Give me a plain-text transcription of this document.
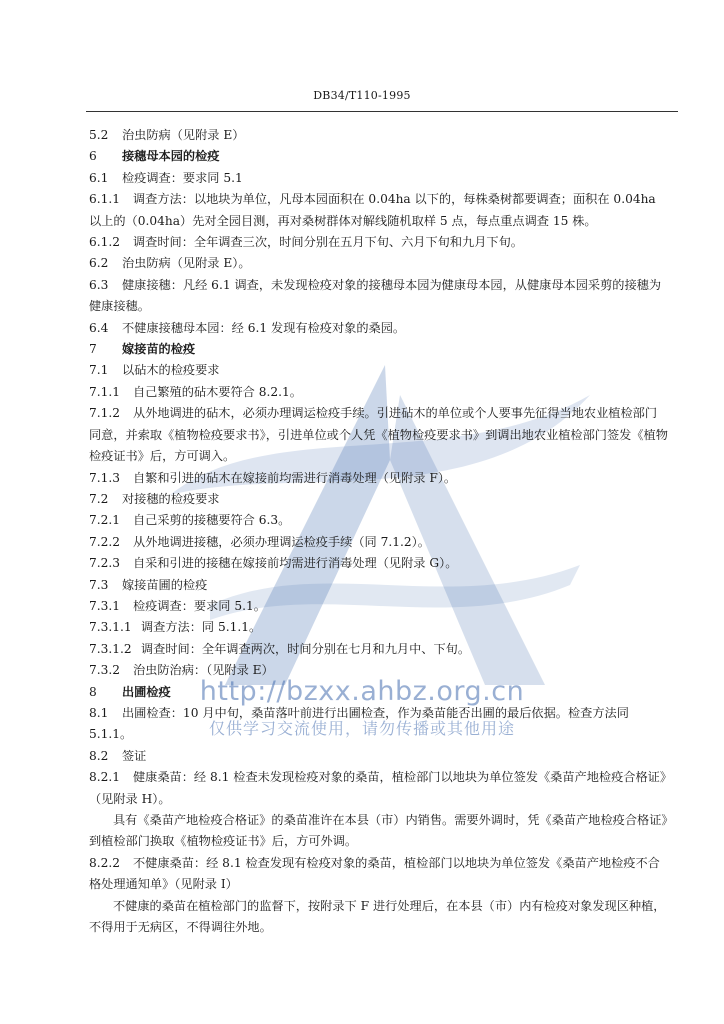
DB34/T110-1995
5.2 治虫防病（见附录 E）
6 接穗母本园的检疫
6.1 检疫调查：要求同 5.1
6.1.1 调查方法：以地块为单位，凡母本园面积在 0.04ha 以下的，每株桑树都要调查；面积在 0.04ha 以上的（0.04ha）先对全园目测，再对桑树群体对解线随机取样 5 点，每点重点调查 15 株。
6.1.2 调查时间：全年调查三次，时间分别在五月下旬、六月下旬和九月下旬。
6.2 治虫防病（见附录 E）。
6.3 健康接穗：凡经 6.1 调查，未发现检疫对象的接穗母本园为健康母本园，从健康母本园采剪的接穗为健康接穗。
6.4 不健康接穗母本园：经 6.1 发现有检疫对象的桑园。
7 嫁接苗的检疫
7.1 以砧木的检疫要求
7.1.1 自己繁殖的砧木要符合 8.2.1。
7.1.2 从外地调进的砧木，必须办理调运检疫手续。引进砧木的单位或个人要事先征得当地农业植检部门同意，并索取《植物检疫要求书》，引进单位或个人凭《植物检疫要求书》到调出地农业植检部门签发《植物检疫证书》后，方可调入。
7.1.3 自繁和引进的砧木在嫁接前均需进行消毒处理（见附录 F）。
7.2 对接穗的检疫要求
7.2.1 自己采剪的接穗要符合 6.3。
7.2.2 从外地调进接穗，必须办理调运检疫手续（同 7.1.2）。
7.2.3 自采和引进的接穗在嫁接前均需进行消毒处理（见附录 G）。
7.3 嫁接苗圃的检疫
7.3.1 检疫调查：要求同 5.1。
7.3.1.1 调查方法：同 5.1.1。
7.3.1.2 调查时间：全年调查两次，时间分别在七月和九月中、下旬。
7.3.2 治虫防治病：（见附录 E）
8 出圃检疫
8.1 出圃检查：10 月中旬，桑苗落叶前进行出圃检查，作为桑苗能否出圃的最后依据。检查方法同 5.1.1。
8.2 签证
8.2.1 健康桑苗：经 8.1 检查未发现检疫对象的桑苗，植检部门以地块为单位签发《桑苗产地检疫合格证》（见附录 H）。
具有《桑苗产地检疫合格证》的桑苗准许在本县（市）内销售。需要外调时，凭《桑苗产地检疫合格证》到植检部门换取《植物检疫证书》后，方可外调。
8.2.2 不健康桑苗：经 8.1 检查发现有检疫对象的桑苗，植检部门以地块为单位签发《桑苗产地检疫不合格处理通知单》（见附录 I）
不健康的桑苗在植检部门的监督下，按附录下 F 进行处理后，在本县（市）内有检疫对象发现区种植，不得用于无病区，不得调往外地。
http://bzxx.ahbz.org.cn
仅供学习交流使用，请勿传播或其他用途
